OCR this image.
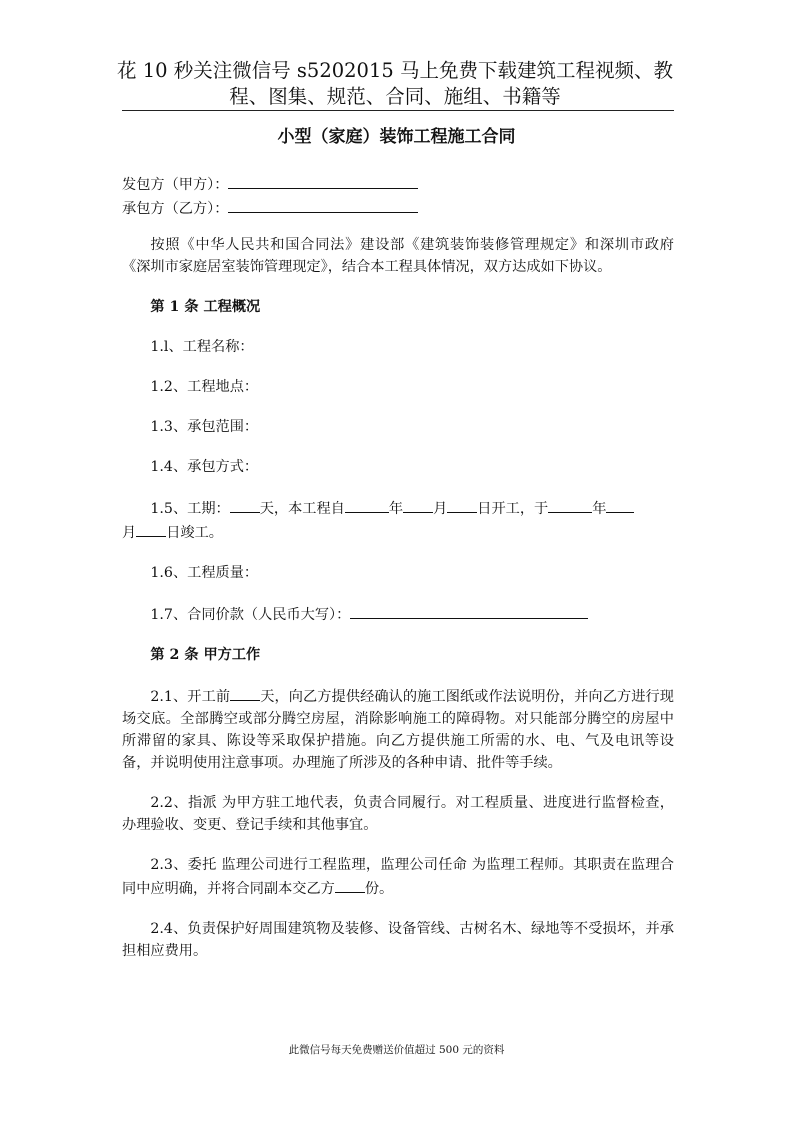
花 10 秒关注微信号 s5202015 马上免费下载建筑工程视频、教
程、图集、规范、合同、施组、书籍等
小型（家庭）装饰工程施工合同

发包方（甲方）：

承包方（乙方）：

按照《中华人民共和国合同法》建设部《建筑装饰装修管理规定》和深圳市政府《深圳市家庭居室装饰管理现定》，结合本工程具体情况，双方达成如下协议。

第 1 条 工程概况

1.l、工程名称：

1.2、工程地点：

1.3、承包范围：

1.4、承包方式：

1.5、工期： 天，本工程自	年 月 日开工，于	年
月 日竣工。

1.6、工程质量：

1.7、合同价款（人民币大写）：

第 2 条 甲方工作

2.1、开工前 天，向乙方提供经确认的施工图纸或作法说明份，并向乙方进行现场交底。全部腾空或部分腾空房屋，消除影响施工的障碍物。对只能部分腾空的房屋中所滞留的家具、陈设等采取保护措施。向乙方提供施工所需的水、电、气及电讯等设备，并说明使用注意事项。办理施了所涉及的各种申请、批件等手续。

2.2、指派 为甲方驻工地代表，负责合同履行。对工程质量、进度进行监督检查，办理验收、变更、登记手续和其他事宜。

2.3、委托 监理公司进行工程监理，监理公司任命 为监理工程师。其职责在监理合同中应明确，并将合同副本交乙方 份。

2.4、负责保护好周围建筑物及装修、设备管线、古树名木、绿地等不受损坏，并承担相应费用。

此微信号每天免费赠送价值超过 500 元的资料
